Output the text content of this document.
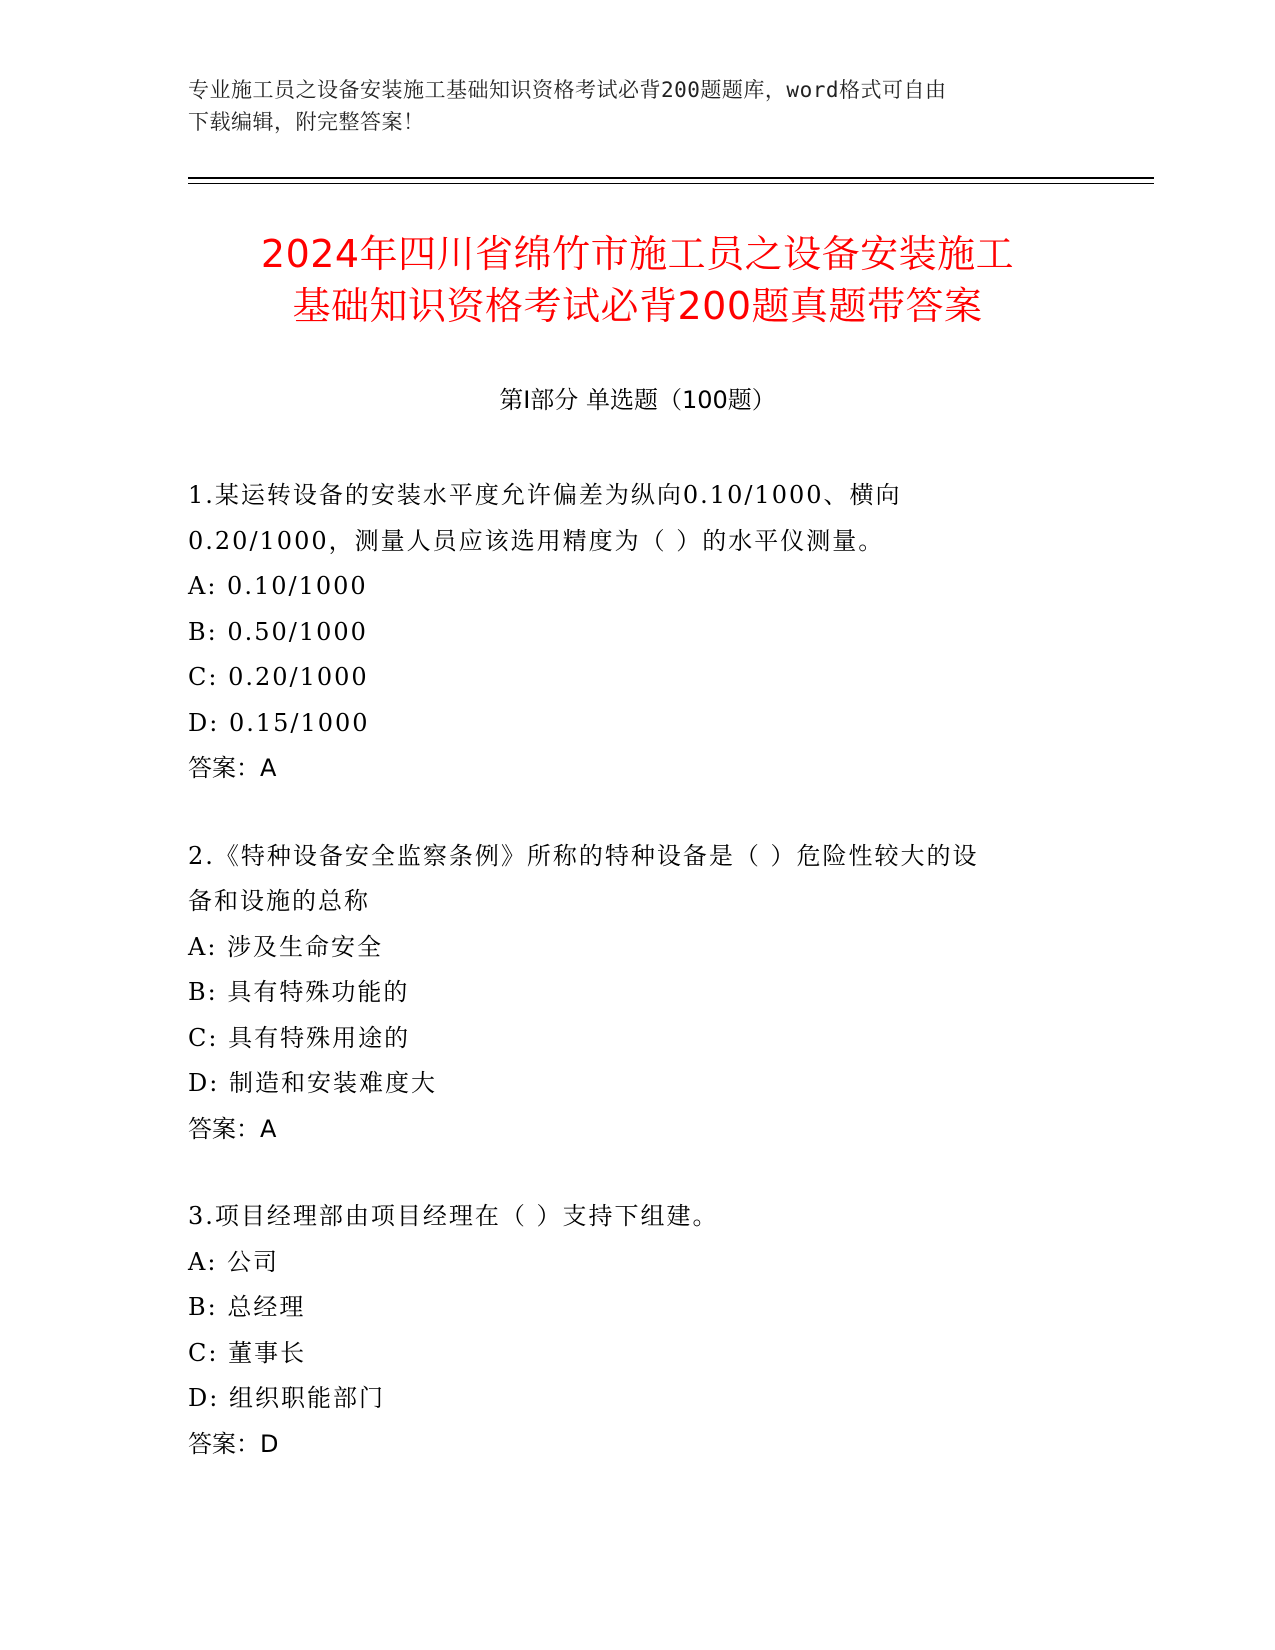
专业施工员之设备安装施工基础知识资格考试必背200题题库，word格式可自由
下载编辑，附完整答案！
2024年四川省绵竹市施工员之设备安装施工
基础知识资格考试必背200题真题带答案
第Ⅰ部分 单选题（100题）

1.某运转设备的安装水平度允许偏差为纵向0.10/1000、横向

0.20/1000，测量人员应该选用精度为（ ）的水平仪测量。

A: 0.10/1000

B: 0.50/1000

C: 0.20/1000

D: 0.15/1000

答案：A

2.《特种设备安全监察条例》所称的特种设备是（ ）危险性较大的设

备和设施的总称

A: 涉及生命安全

B: 具有特殊功能的

C: 具有特殊用途的

D: 制造和安装难度大

答案：A

3.项目经理部由项目经理在（ ）支持下组建。

A: 公司

B: 总经理

C: 董事长

D: 组织职能部门

答案：D
